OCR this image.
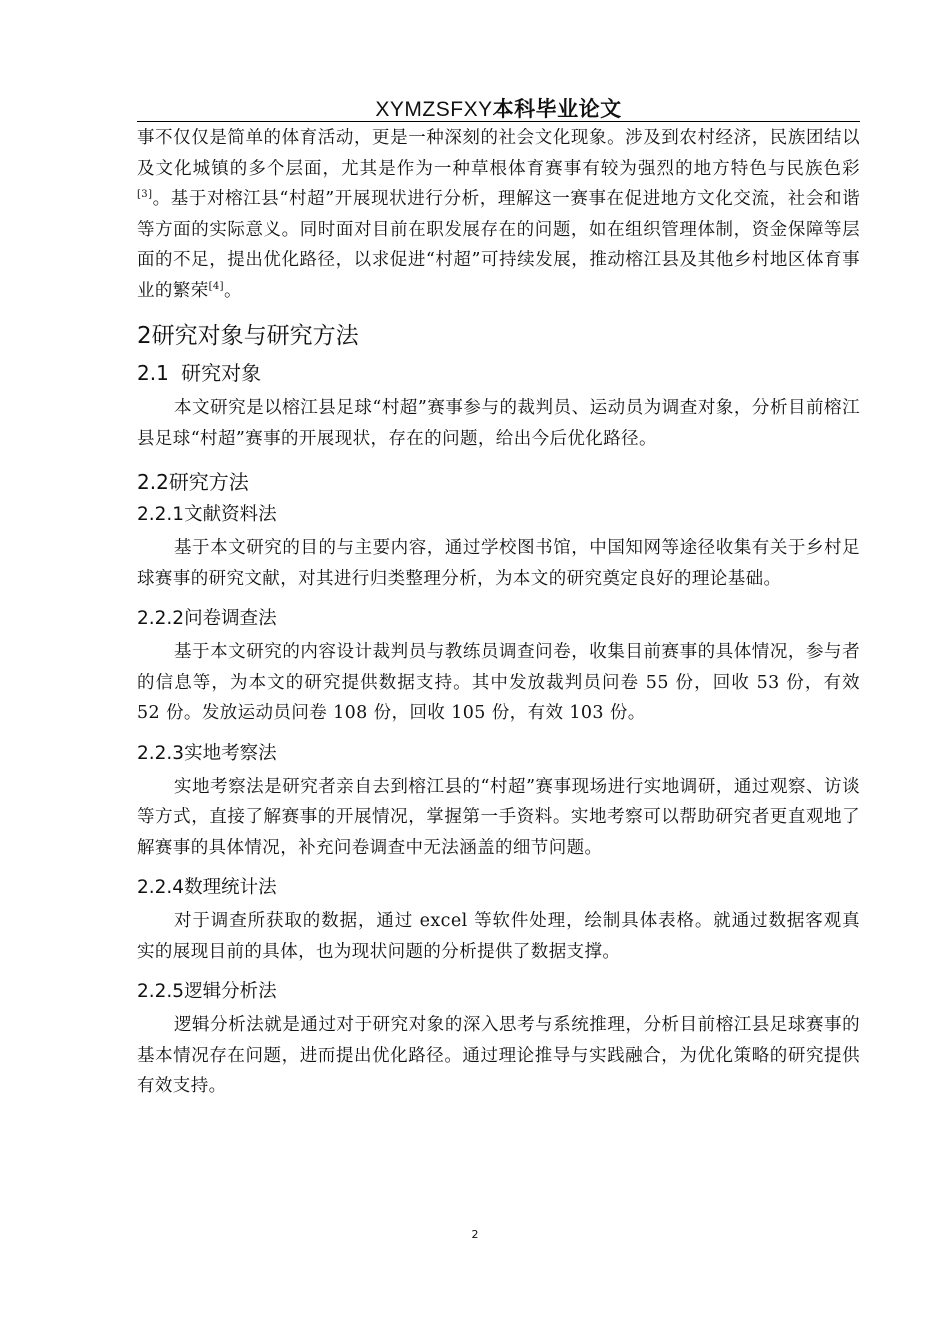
XYMZSFXY本科毕业论文

事不仅仅是简单的体育活动，更是一种深刻的社会文化现象。涉及到农村经济，民族团结以及文化城镇的多个层面，尤其是作为一种草根体育赛事有较为强烈的地方特色与民族色彩[3]。基于对榕江县“村超”开展现状进行分析，理解这一赛事在促进地方文化交流，社会和谐等方面的实际意义。同时面对目前在职发展存在的问题，如在组织管理体制，资金保障等层面的不足，提出优化路径，以求促进“村超”可持续发展，推动榕江县及其他乡村地区体育事业的繁荣[4]。

2研究对象与研究方法
2.1 研究对象

本文研究是以榕江县足球“村超”赛事参与的裁判员、运动员为调查对象，分析目前榕江县足球“村超”赛事的开展现状，存在的问题，给出今后优化路径。

2.2研究方法
2.2.1文献资料法

基于本文研究的目的与主要内容，通过学校图书馆，中国知网等途径收集有关于乡村足球赛事的研究文献，对其进行归类整理分析，为本文的研究奠定良好的理论基础。

2.2.2问卷调查法

基于本文研究的内容设计裁判员与教练员调查问卷，收集目前赛事的具体情况，参与者的信息等，为本文的研究提供数据支持。其中发放裁判员问卷 55 份，回收 53 份，有效 52 份。发放运动员问卷 108 份，回收 105 份，有效 103 份。

2.2.3实地考察法

实地考察法是研究者亲自去到榕江县的“村超”赛事现场进行实地调研，通过观察、访谈等方式，直接了解赛事的开展情况，掌握第一手资料。实地考察可以帮助研究者更直观地了解赛事的具体情况，补充问卷调查中无法涵盖的细节问题。

2.2.4数理统计法

对于调查所获取的数据，通过 excel 等软件处理，绘制具体表格。就通过数据客观真实的展现目前的具体，也为现状问题的分析提供了数据支撑。

2.2.5逻辑分析法

逻辑分析法就是通过对于研究对象的深入思考与系统推理，分析目前榕江县足球赛事的基本情况存在问题，进而提出优化路径。通过理论推导与实践融合，为优化策略的研究提供有效支持。

2
